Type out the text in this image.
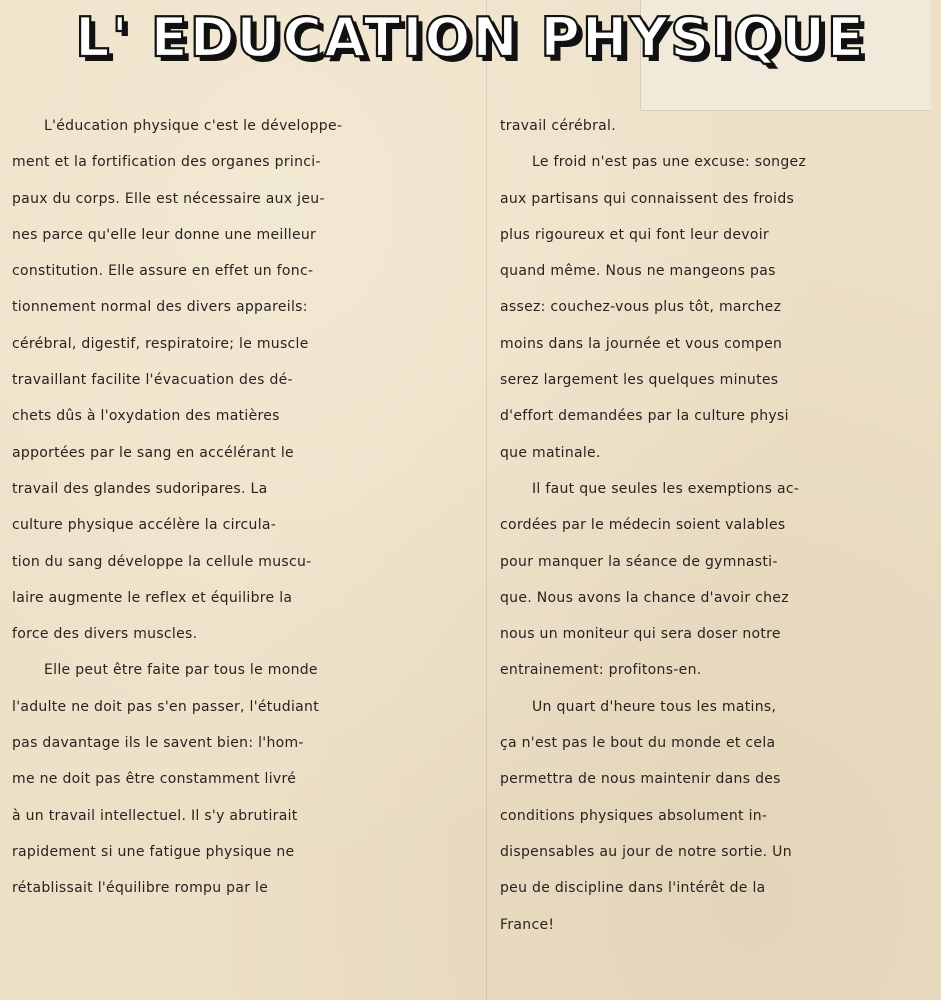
L' EDUCATION PHYSIQUE
L'éducation physique c'est le développe-
ment et la fortification des organes princi-
paux du corps. Elle est nécessaire aux jeu-
nes parce qu'elle leur donne une meilleur
constitution. Elle assure en effet un fonc-
tionnement normal des divers appareils:
cérébral, digestif, respiratoire; le muscle
travaillant facilite l'évacuation des dé-
chets dûs à l'oxydation des matières
apportées par le sang en accélérant le
travail des glandes sudoripares. La
culture physique accélère la circula-
tion du sang développe la cellule muscu-
laire augmente le reflex et équilibre la
force des divers muscles.
Elle peut être faite par tous le monde
l'adulte ne doit pas s'en passer, l'étudiant
pas davantage ils le savent bien: l'hom-
me ne doit pas être constamment livré
à un travail intellectuel. Il s'y abrutirait
rapidement si une fatigue physique ne
rétablissait l'équilibre rompu par le
travail cérébral.
Le froid n'est pas une excuse: songez
aux partisans qui connaissent des froids
plus rigoureux et qui font leur devoir
quand même. Nous ne mangeons pas
assez: couchez-vous plus tôt, marchez
moins dans la journée et vous compen
serez largement les quelques minutes
d'effort demandées par la culture physi
que matinale.
Il faut que seules les exemptions ac-
cordées par le médecin soient valables
pour manquer la séance de gymnasti-
que. Nous avons la chance d'avoir chez
nous un moniteur qui sera doser notre
entrainement: profitons-en.
Un quart d'heure tous les matins,
ça n'est pas le bout du monde et cela
permettra de nous maintenir dans des
conditions physiques absolument in-
dispensables au jour de notre sortie. Un
peu de discipline dans l'intérêt de la
France!
